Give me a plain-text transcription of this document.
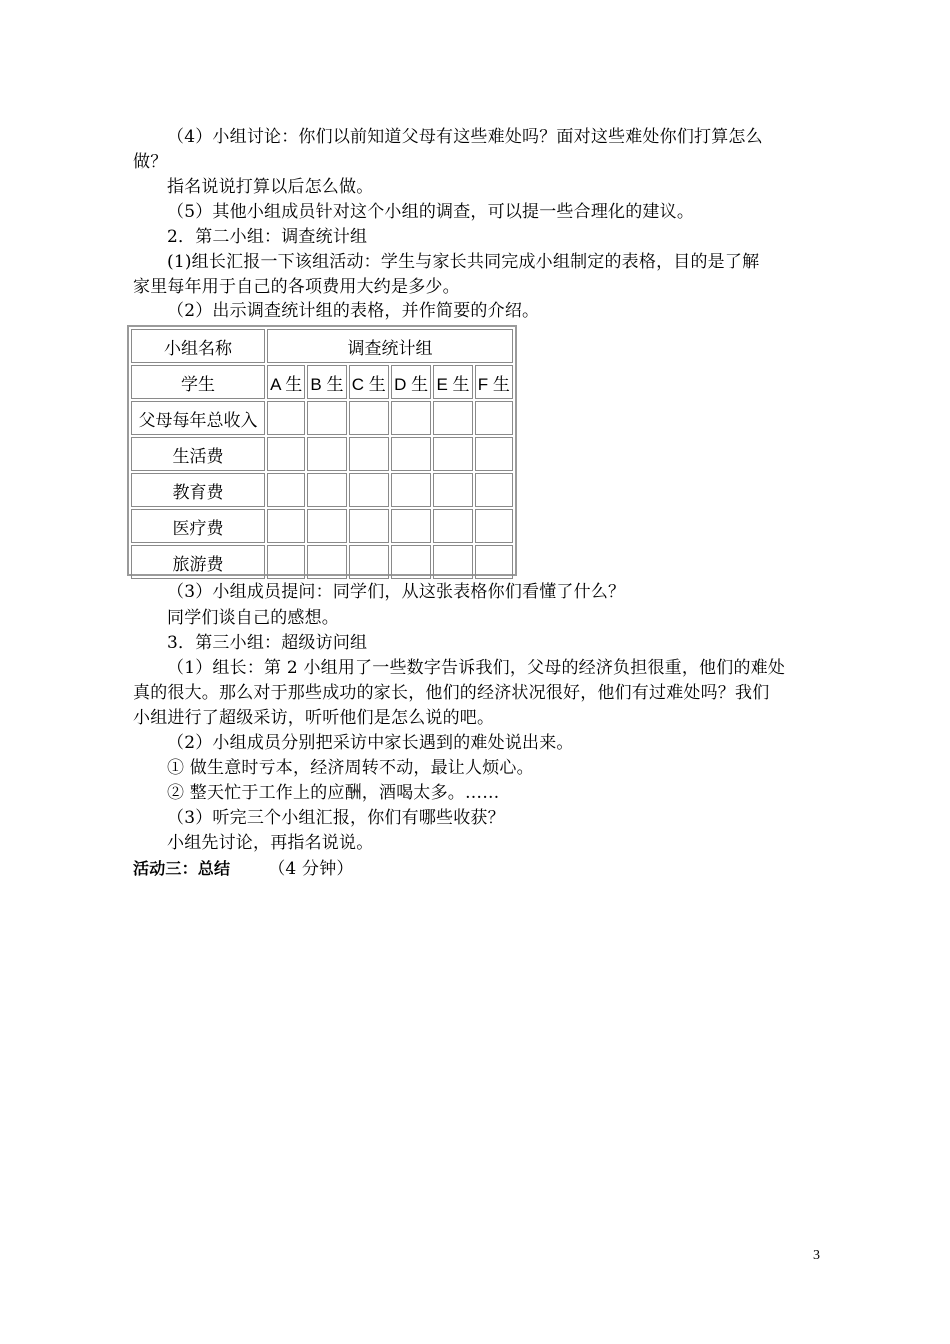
（4）小组讨论：你们以前知道父母有这些难处吗？面对这些难处你们打算怎么
做？
指名说说打算以后怎么做。
（5）其他小组成员针对这个小组的调查，可以提一些合理化的建议。
2．第二小组：调查统计组
(1)组长汇报一下该组活动：学生与家长共同完成小组制定的表格，目的是了解
家里每年用于自己的各项费用大约是多少。
（2）出示调查统计组的表格，并作简要的介绍。
小组名称	调查统计组					
学生	A 生	B 生	C 生	D 生	E 生	F 生
父母每年总收入						
生活费						
教育费						
医疗费						
旅游费						
（3）小组成员提问：同学们，从这张表格你们看懂了什么？
同学们谈自己的感想。
3．第三小组：超级访问组
（1）组长：第 2 小组用了一些数字告诉我们，父母的经济负担很重，他们的难处
真的很大。那么对于那些成功的家长，他们的经济状况很好，他们有过难处吗？我们
小组进行了超级采访，听听他们是怎么说的吧。
（2）小组成员分别把采访中家长遇到的难处说出来。
① 做生意时亏本，经济周转不动，最让人烦心。
② 整天忙于工作上的应酬，酒喝太多。……
（3）听完三个小组汇报，你们有哪些收获？
小组先讨论，再指名说说。
活动三：总结 （4 分钟）
3
